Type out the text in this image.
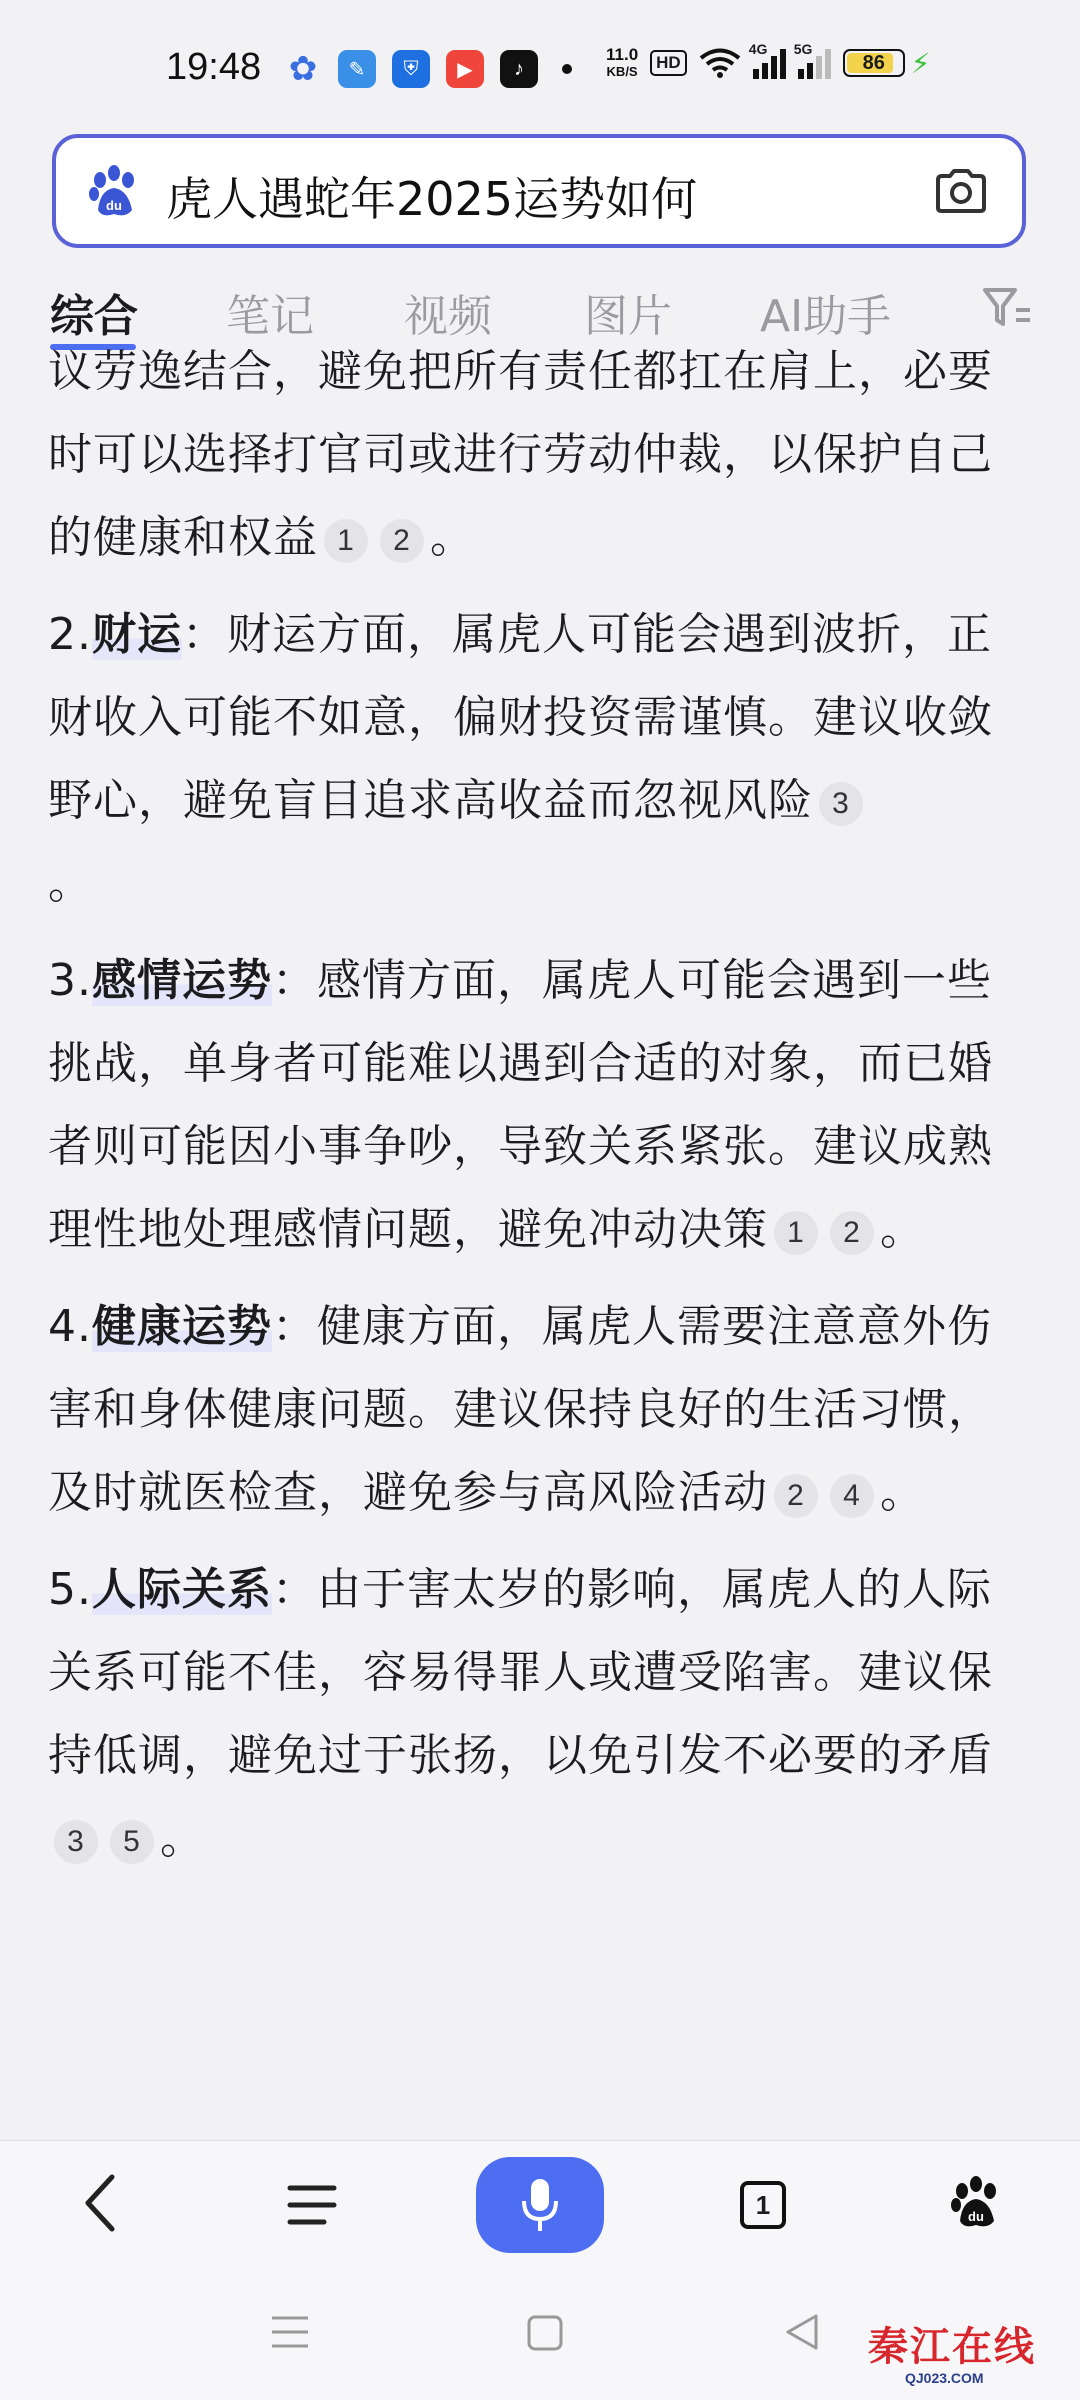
19:48 ✿	✎	⛨	▶	♪
11.0
KB/S	HD
4G 5G
86 ⚡
du 虎人遇蛇年2025运势如何
综合 笔记 视频 图片 AI助手

议劳逸结合，避免把所有责任都扛在肩上，必要时可以选择打官司或进行劳动仲裁，以保护自己的健康和权益 1 2 。

2.财运：财运方面，属虎人可能会遇到波折，正财收入可能不如意，偏财投资需谨慎。建议收敛野心，避免盲目追求高收益而忽视风险 3
。

3.感情运势：感情方面，属虎人可能会遇到一些挑战，单身者可能难以遇到合适的对象，而已婚者则可能因小事争吵，导致关系紧张。建议成熟理性地处理感情问题，避免冲动决策 1 2 。

4.健康运势：健康方面，属虎人需要注意意外伤害和身体健康问题。建议保持良好的生活习惯，及时就医检查，避免参与高风险活动 2 4 。

5.人际关系：由于害太岁的影响，属虎人的人际关系可能不佳，容易得罪人或遭受陷害。建议保持低调，避免过于张扬，以免引发不必要的矛盾3 5 。

1	du
秦江在线
QJ023.COM
